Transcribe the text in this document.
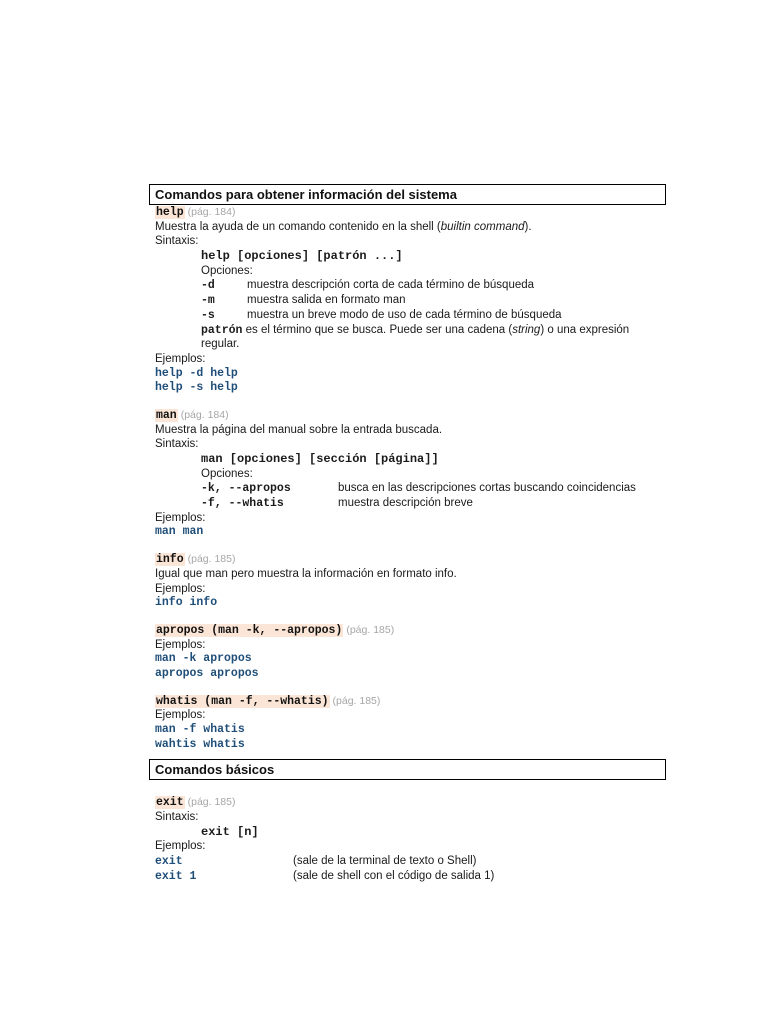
Comandos para obtener información del sistema
help (pág. 184)
Muestra la ayuda de un comando contenido en la shell (builtin command).
Sintaxis:
help [opciones] [patrón ...]
Opciones:
-d	muestra descripción corta de cada término de búsqueda
-m	muestra salida en formato man
-s	muestra un breve modo de uso de cada término de búsqueda
patrón es el término que se busca. Puede ser una cadena (string) o una expresión
regular.
Ejemplos:
help -d help
help -s help
man (pág. 184)
Muestra la página del manual sobre la entrada buscada.
Sintaxis:
man [opciones] [sección [página]]
Opciones:
-k, --apropos	busca en las descripciones cortas buscando coincidencias
-f, --whatis	muestra descripción breve
Ejemplos:
man man
info (pág. 185)
Igual que man pero muestra la información en formato info.
Ejemplos:
info info
apropos (man -k, --apropos) (pág. 185)
Ejemplos:
man -k apropos
apropos apropos
whatis (man -f, --whatis) (pág. 185)
Ejemplos:
man -f whatis
wahtis whatis
Comandos básicos
exit (pág. 185)
Sintaxis:
exit [n]
Ejemplos:
exit	(sale de la terminal de texto o Shell)
exit 1	(sale de shell con el código de salida 1)
